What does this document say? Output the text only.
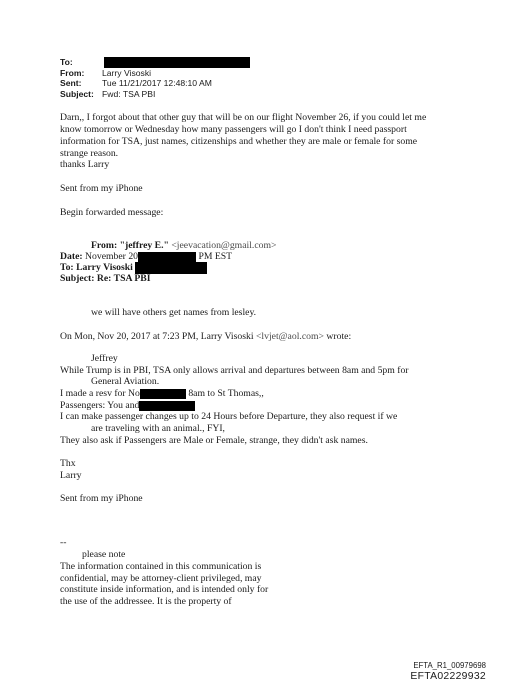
To:
From:	Larry Visoski
Sent:	Tue 11/21/2017 12:48:10 AM
Subject: Fwd: TSA PBI
Darn,, I forgot about that other guy that will be on our flight November 26, if you could let me
know tomorrow or Wednesday how many passengers will go I don't think I need passport
information for TSA, just names, citizenships and whether they are male or female for some
strange reason.
thanks Larry
Sent from my iPhone
Begin forwarded message:
From: "jeffrey E." <jeevacation@gmail.com>
Date: November 20	PM EST
To: Larry Visoski
Subject: Re: TSA PBI
we will have others get names from lesley.
On Mon, Nov 20, 2017 at 7:23 PM, Larry Visoski <lvjet@aol.com> wrote:
Jeffrey
While Trump is in PBI, TSA only allows arrival and departures between 8am and 5pm for
General Aviation.
I made a resv for No	8am to St Thomas,,
Passengers: You and
I can make passenger changes up to 24 Hours before Departure, they also request if we
are traveling with an animal., FYI,
They also ask if Passengers are Male or Female, strange, they didn't ask names.
Thx
Larry
Sent from my iPhone
--
please note
The information contained in this communication is
confidential, may be attorney-client privileged, may
constitute inside information, and is intended only for
the use of the addressee. It is the property of
EFTA_R1_00979698
EFTA02229932
